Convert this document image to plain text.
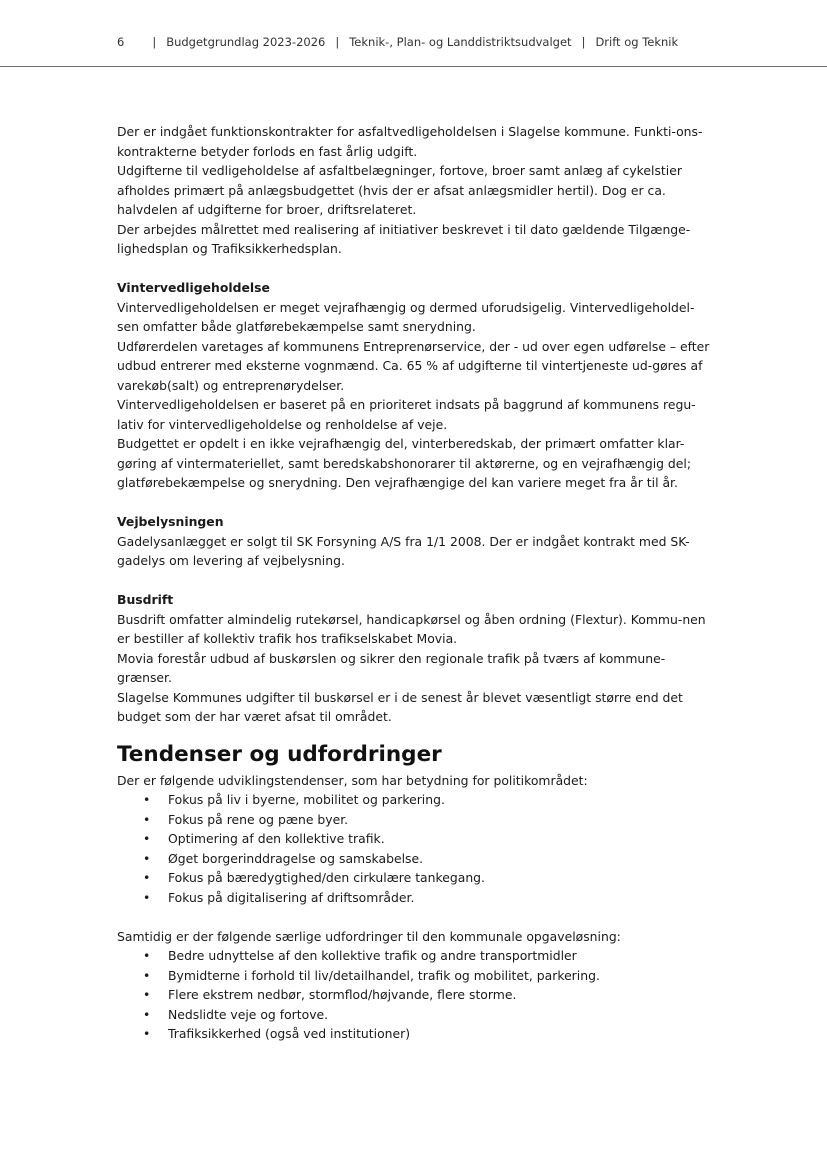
6 | Budgetgrundlag 2023-2026 | Teknik-, Plan- og Landdistriktsudvalget | Drift og Teknik

Der er indgået funktionskontrakter for asfaltvedligeholdelsen i Slagelse kommune. Funkti-ons-kontrakterne betyder forlods en fast årlig udgift.

Udgifterne til vedligeholdelse af asfaltbelægninger, fortove, broer samt anlæg af cykelstier afholdes primært på anlægsbudgettet (hvis der er afsat anlægsmidler hertil). Dog er ca. halvdelen af udgifterne for broer, driftsrelateret.

Der arbejdes målrettet med realisering af initiativer beskrevet i til dato gældende Tilgænge-lighedsplan og Trafiksikkerhedsplan.

Vintervedligeholdelse

Vintervedligeholdelsen er meget vejrafhængig og dermed uforudsigelig. Vintervedligeholdel-sen omfatter både glatførebekæmpelse samt snerydning.

Udførerdelen varetages af kommunens Entreprenørservice, der - ud over egen udførelse – efter udbud entrerer med eksterne vognmænd. Ca. 65 % af udgifterne til vintertjeneste ud-gøres af varekøb(salt) og entreprenørydelser.

Vintervedligeholdelsen er baseret på en prioriteret indsats på baggrund af kommunens regu-lativ for vintervedligeholdelse og renholdelse af veje.

Budgettet er opdelt i en ikke vejrafhængig del, vinterberedskab, der primært omfatter klar-gøring af vintermateriellet, samt beredskabshonorarer til aktørerne, og en vejrafhængig del; glatførebekæmpelse og snerydning. Den vejrafhængige del kan variere meget fra år til år.

Vejbelysningen

Gadelysanlægget er solgt til SK Forsyning A/S fra 1/1 2008. Der er indgået kontrakt med SK-gadelys om levering af vejbelysning.

Busdrift

Busdrift omfatter almindelig rutekørsel, handicapkørsel og åben ordning (Flextur). Kommu-nen er bestiller af kollektiv trafik hos trafikselskabet Movia.

Movia forestår udbud af buskørslen og sikrer den regionale trafik på tværs af kommune-grænser.

Slagelse Kommunes udgifter til buskørsel er i de senest år blevet væsentligt større end det budget som der har været afsat til området.

Tendenser og udfordringer

Der er følgende udviklingstendenser, som har betydning for politikområdet:

• Fokus på liv i byerne, mobilitet og parkering.
• Fokus på rene og pæne byer.
• Optimering af den kollektive trafik.
• Øget borgerinddragelse og samskabelse.
• Fokus på bæredygtighed/den cirkulære tankegang.
• Fokus på digitalisering af driftsområder.

Samtidig er der følgende særlige udfordringer til den kommunale opgaveløsning:

• Bedre udnyttelse af den kollektive trafik og andre transportmidler
• Bymidterne i forhold til liv/detailhandel, trafik og mobilitet, parkering.
• Flere ekstrem nedbør, stormflod/højvande, flere storme.
• Nedslidte veje og fortove.
• Trafiksikkerhed (også ved institutioner)
